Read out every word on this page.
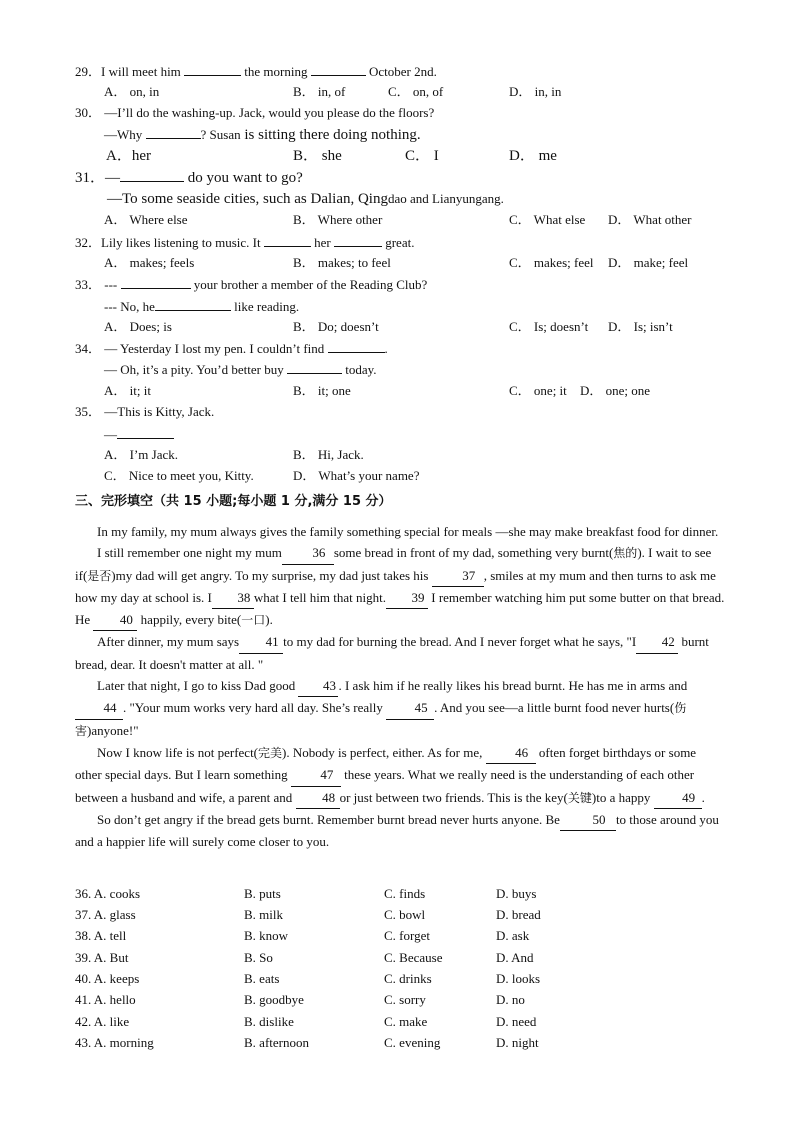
29．I will meet him	the morning	October 2nd.
A． on, in	B． in, of	C． on, of	D． in, in
30． —I’ll do the washing-up. Jack, would you please do the floors?
—Why	? Susan is sitting there doing nothing.
A．her	B． she	C． I	D． me
31．—	do you want to go?
—To some seaside cities, such as Dalian, Qingdao and Lianyungang.
A． Where else	B． Where other	C． What else D． What other
32．Lily likes listening to music. It	her	great.
A． makes; feels	B． makes; to feel	C． makes; feel D． make; feel
33． ---	your brother a member of the Reading Club?
--- No, he	like reading.
A． Does; is	B． Do; doesn’t	C． Is; doesn’t D． Is; isn’t
34． — Yesterday I lost my pen. I couldn’t find	.
— Oh, it’s a pity. You’d better buy	today.
A． it; it	B． it; one	C． one; it D． one; one
35． —This is Kitty, Jack.
—
A． I’m Jack.	B． Hi, Jack.
C． Nice to meet you, Kitty.	D． What’s your name?
三、完形填空（共 15 小题;每小题 1 分,满分 15 分）
In my family, my mum always gives the family something special for meals —she may make breakfast food for dinner.
I still remember one night my mum 36 some bread in front of my dad, something very burnt(焦的). I wait to see if(是否)my dad will get angry. To my surprise, my dad just takes his 37 , smiles at my mum and then turns to ask me how my day at school is. I 38 what I tell him that night. 39 I remember watching him put some butter on that bread. He 40 happily, every bite(一口).
After dinner, my mum says 41 to my dad for burning the bread. And I never forget what he says, "I 42 burnt bread, dear. It doesn't matter at all. "
Later that night, I go to kiss Dad good 43 . I ask him if he really likes his bread burnt. He has me in arms and 44 . "Your mum works very hard all day. She’s really 45 . And you see—a little burnt food never hurts(伤害)anyone!"
Now I know life is not perfect(完美). Nobody is perfect, either. As for me, 46 often forget birthdays or some other special days. But I learn something 47 these years. What we really need is the understanding of each other between a husband and wife, a parent and 48 or just between two friends. This is the key(关键)to a happy 49 .
So don’t get angry if the bread gets burnt. Remember burnt bread never hurts anyone. Be	50 to those around you and a happier life will surely come closer to you.
36. A. cooks	B. puts	C. finds	D. buys
37. A. glass	B. milk	C. bowl	D. bread
38. A. tell	B. know	C. forget	D. ask
39. A. But	B. So	C. Because	D. And
40. A. keeps	B. eats	C. drinks	D. looks
41. A. hello	B. goodbye	C. sorry	D. no
42. A. like	B. dislike	C. make	D. need
43. A. morning	B. afternoon	C. evening	D. night
